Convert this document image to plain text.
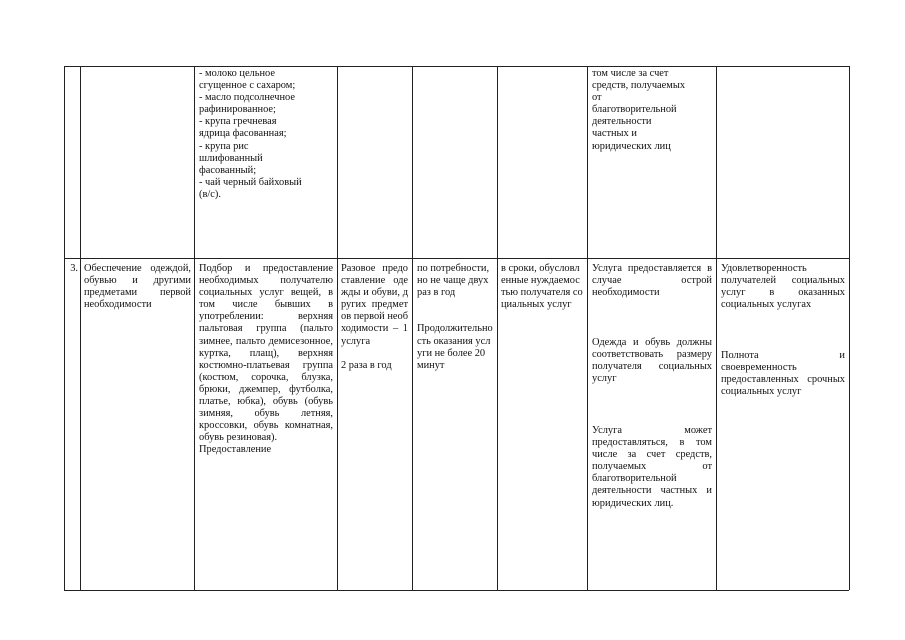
- молоко цельное
сгущенное с сахаром;
- масло подсолнечное
рафинированное;
- крупа гречневая
ядрица фасованная;
- крупа рис
шлифованный
фасованный;
- чай черный байховый
(в/с).
том числе за счет
средств, получаемых
от
благотворительной
деятельности
частных и
юридических лиц
3. Обеспечение одеждой, обувью и другими предметами первой необходимости
Подбор и предоставление необходимых получателю социальных услуг вещей, в том числе бывших в употреблении: верхняя пальтовая группа (пальто зимнее, пальто демисезонное, куртка, плащ), верхняя костюмно-платьевая группа (костюм, сорочка, блузка, брюки, джемпер, футболка, платье, юбка), обувь (обувь зимняя, обувь летняя, кроссовки, обувь комнатная, обувь резиновая).
Предоставление
Разовое предоставление одежды и обуви, других предметов первой необходимости – 1 услуга

2 раза в год
по потребности, но не чаще двух раз в год

Продолжительность оказания услуги не более 20 минут
в сроки, обусловленные нуждаемостью получателя социальных услуг
Услуга предоставляется в случае острой необходимости
Одежда и обувь должны соответствовать размеру получателя социальных услуг
Услуга может предоставляться, в том числе за счет средств, получаемых от благотворительной деятельности частных и юридических лиц.
Удовлетворенность получателей социальных услуг в оказанных социальных услугах
Полнота и своевременность предоставленных срочных социальных услуг
